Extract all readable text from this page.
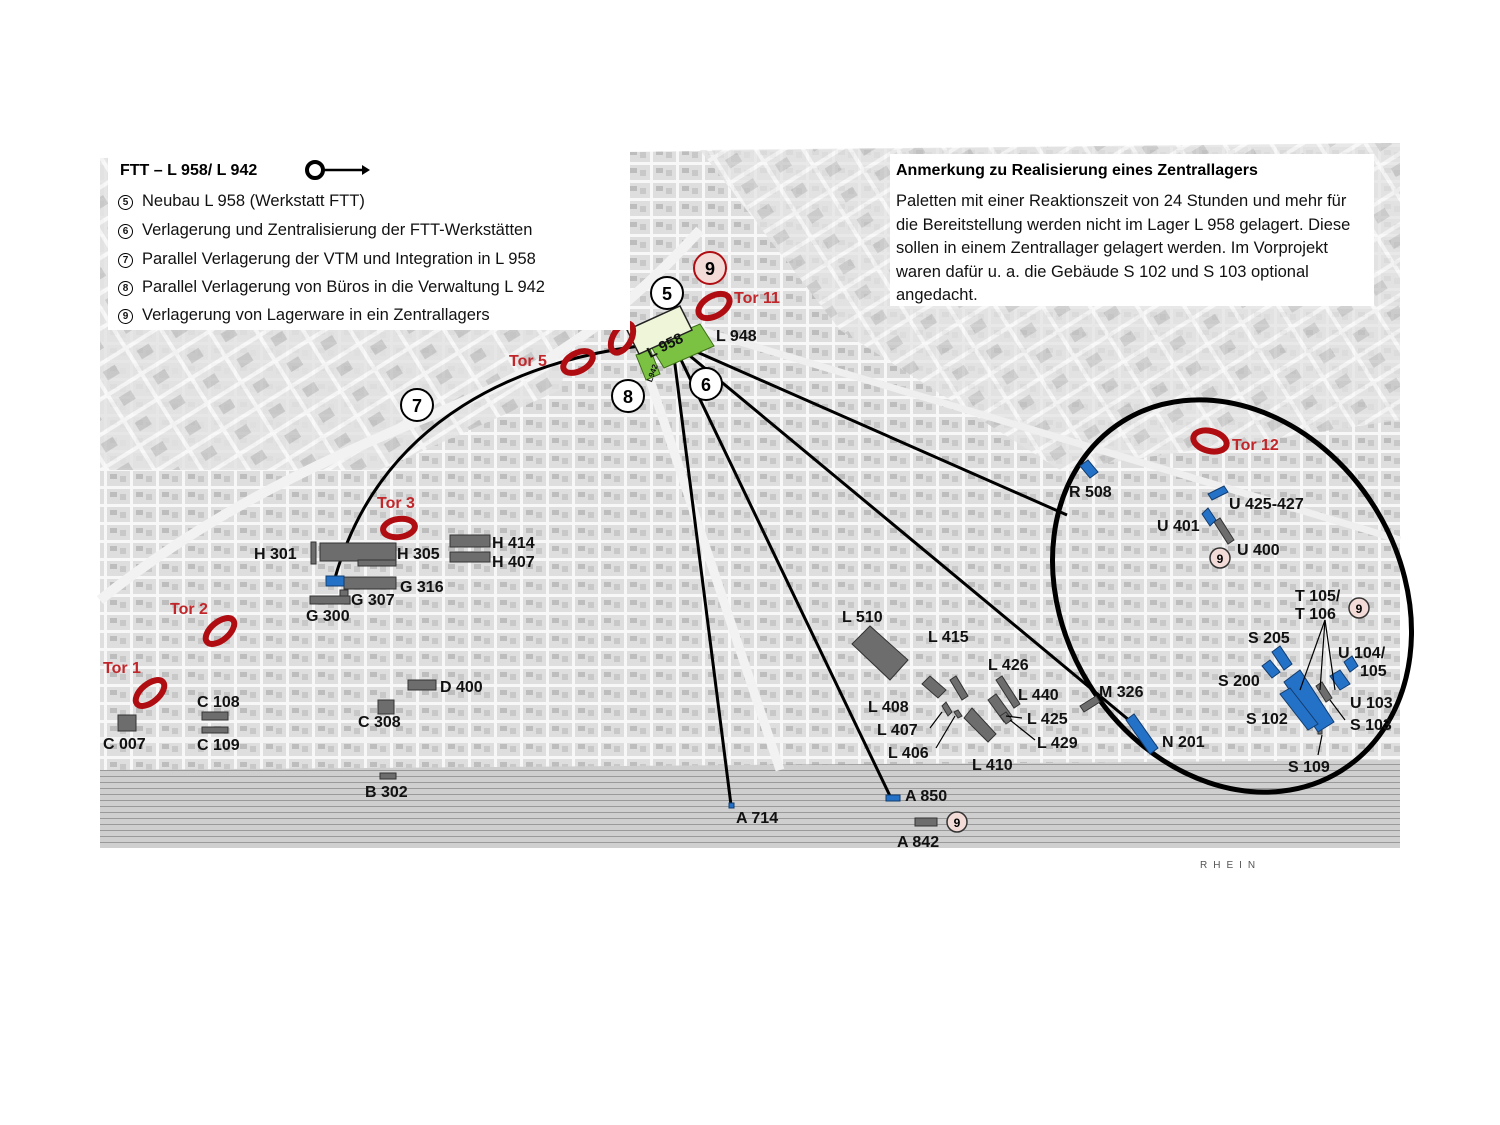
RHEIN
Tor 1
Tor 2
Tor 3
Tor 5
Tor 11
Tor 12
5
6
7	8
9
9
9
9
L 958
L942
L 948
H 301	H 305
H 414
H 407
G 316
G 307
G 300
C 108
C 109
C 007
C 308
D 400
B 302
A 714
A 850
A 842
L 510
L 415
L 426
L 440
L 408
L 407
L 406
L 425
L 429
L 410
M 326
N 201
R 508
U 425-427
U 401
U 400
T 105/
T 106
S 205
U 104/
105
S 200
U 103
S 102	S 103
S 109
FTT – L 958/ L 942
5 Neubau L 958 (Werkstatt FTT)
6 Verlagerung und Zentralisierung der FTT-Werkstätten
7 Parallel Verlagerung der VTM und Integration in L 958
8 Parallel Verlagerung von Büros in die Verwaltung L 942
9 Verlagerung von Lagerware in ein Zentrallagers
Anmerkung zu Realisierung eines Zentrallagers
Paletten mit einer Reaktionszeit von 24 Stunden und mehr für die Bereitstellung werden nicht im Lager L 958 gelagert. Diese sollen in einem Zentrallager gelagert werden. Im Vorprojekt waren dafür u. a. die Gebäude S 102 und S 103 optional angedacht.
